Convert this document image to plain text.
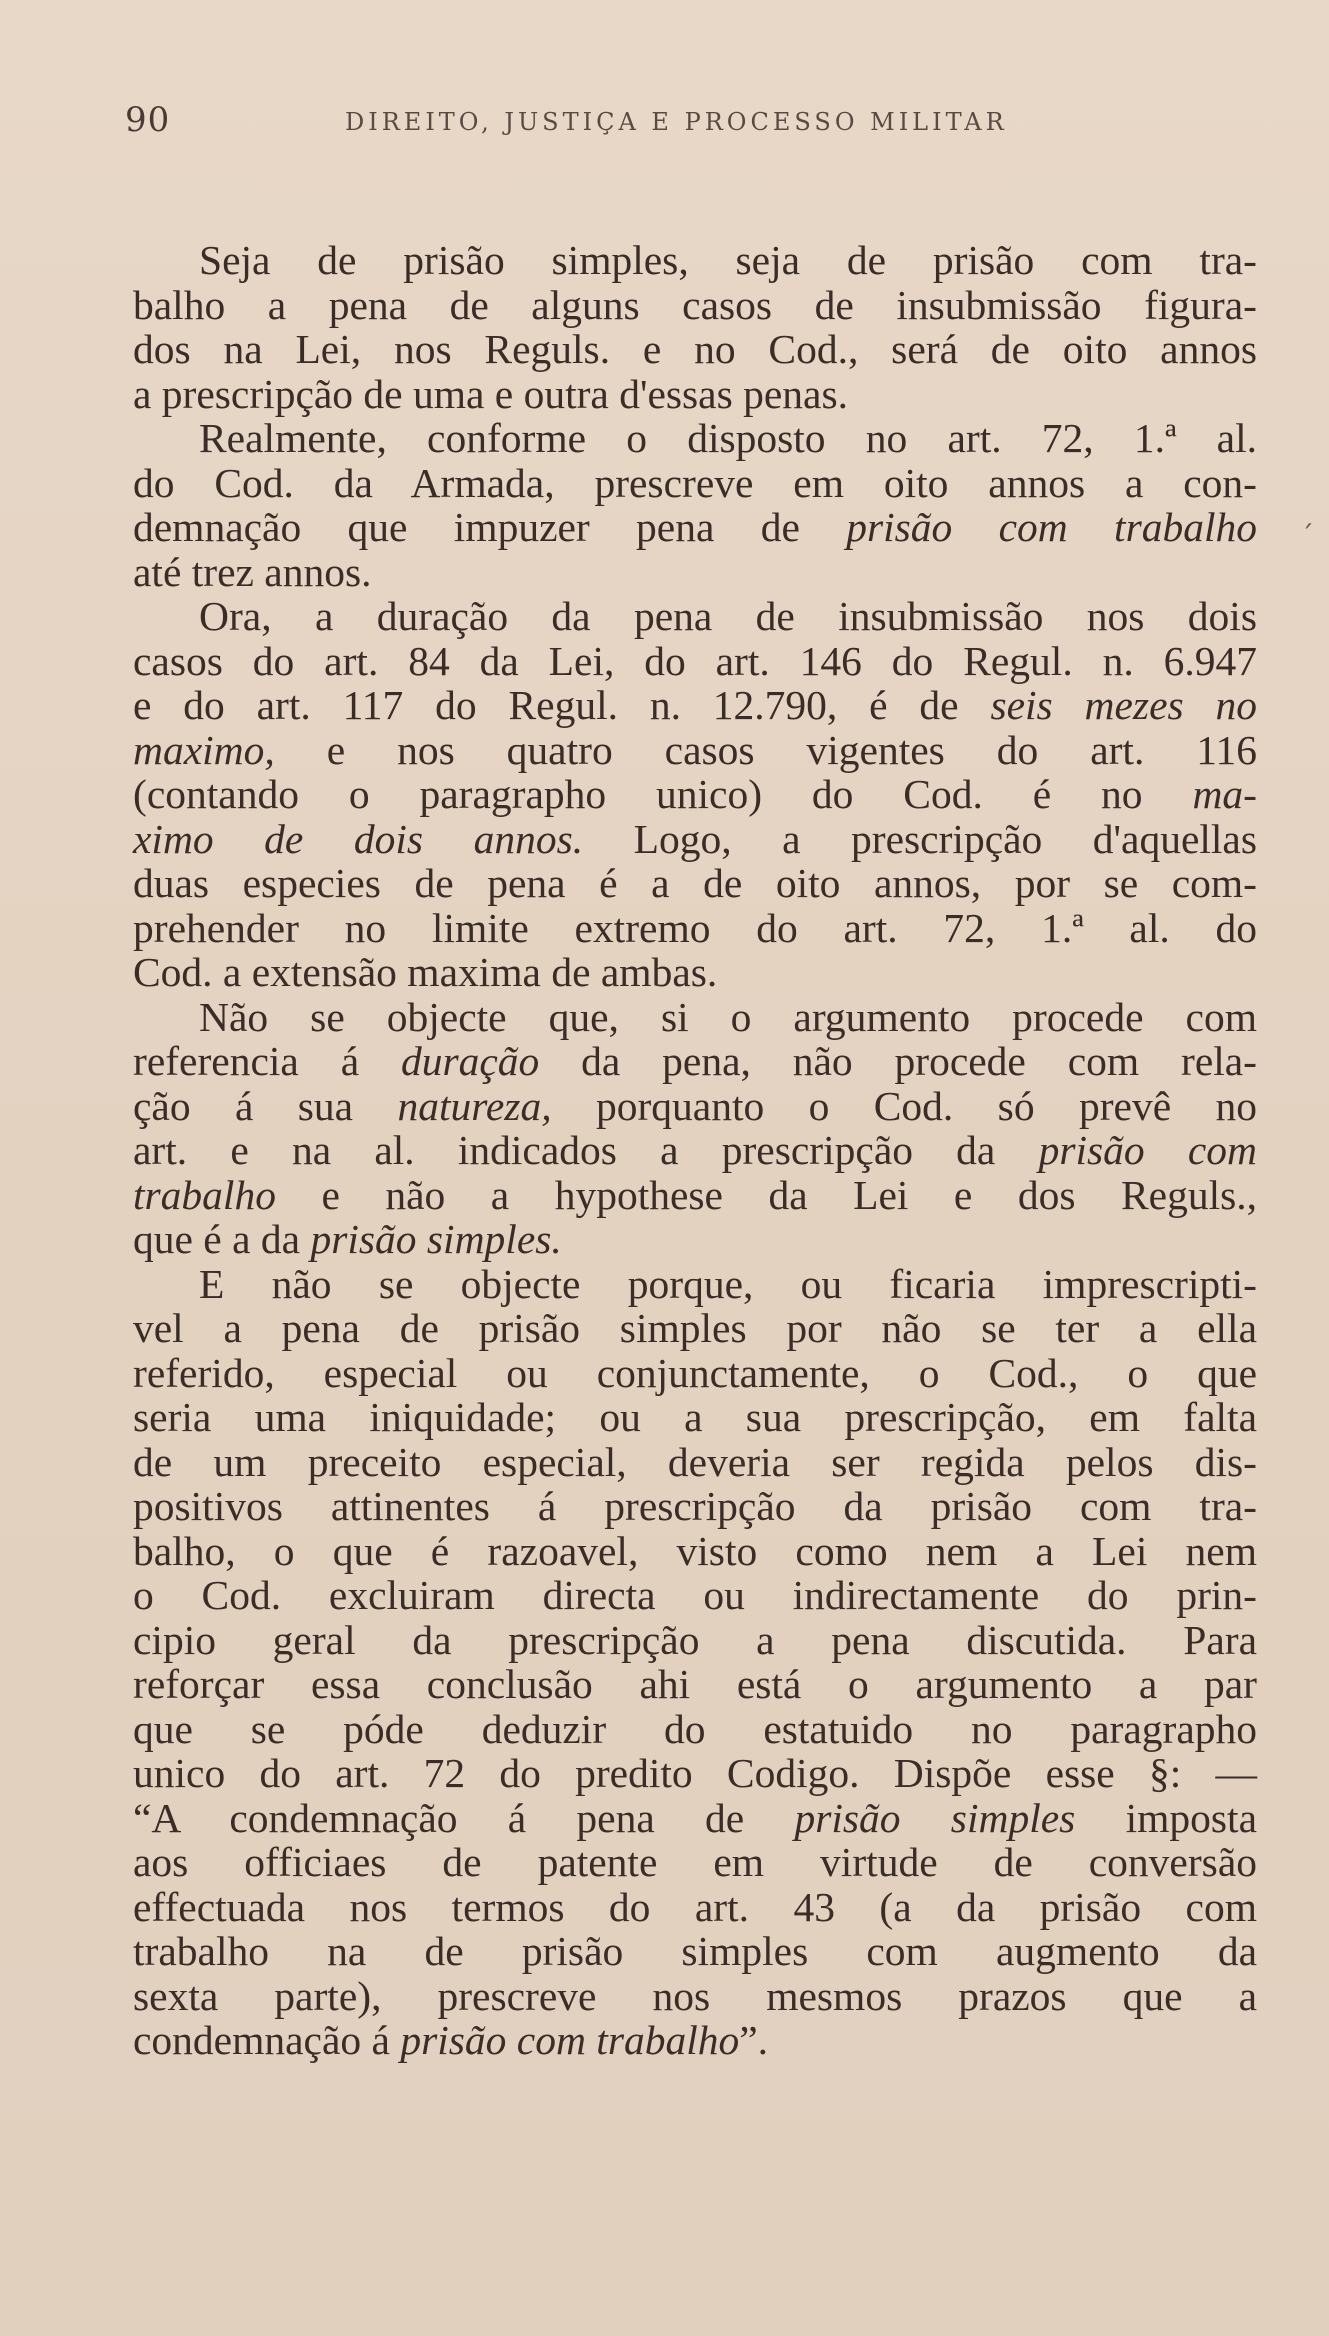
90	DIREITO, JUSTIÇA E PROCESSO MILITAR
Seja de prisão simples, seja de prisão com tra-
balho a pena de alguns casos de insubmissão figura-
dos na Lei, nos Reguls. e no Cod., será de oito annos
a prescripção de uma e outra d'essas penas.
Realmente, conforme o disposto no art. 72, 1.ª al.
do Cod. da Armada, prescreve em oito annos a con-
demnação que impuzer pena de prisão com trabalho
até trez annos.
Ora, a duração da pena de insubmissão nos dois
casos do art. 84 da Lei, do art. 146 do Regul. n. 6.947
e do art. 117 do Regul. n. 12.790, é de seis mezes no
maximo, e nos quatro casos vigentes do art. 116
(contando o paragrapho unico) do Cod. é no ma-
ximo de dois annos. Logo, a prescripção d'aquellas
duas especies de pena é a de oito annos, por se com-
prehender no limite extremo do art. 72, 1.ª al. do
Cod. a extensão maxima de ambas.
Não se objecte que, si o argumento procede com
referencia á duração da pena, não procede com rela-
ção á sua natureza, porquanto o Cod. só prevê no
art. e na al. indicados a prescripção da prisão com
trabalho e não a hypothese da Lei e dos Reguls.,
que é a da prisão simples.
E não se objecte porque, ou ficaria imprescripti-
vel a pena de prisão simples por não se ter a ella
referido, especial ou conjunctamente, o Cod., o que
seria uma iniquidade; ou a sua prescripção, em falta
de um preceito especial, deveria ser regida pelos dis-
positivos attinentes á prescripção da prisão com tra-
balho, o que é razoavel, visto como nem a Lei nem
o Cod. excluiram directa ou indirectamente do prin-
cipio geral da prescripção a pena discutida. Para
reforçar essa conclusão ahi está o argumento a par
que se póde deduzir do estatuido no paragrapho
unico do art. 72 do predito Codigo. Dispõe esse §: —
“A condemnação á pena de prisão simples imposta
aos officiaes de patente em virtude de conversão
effectuada nos termos do art. 43 (a da prisão com
trabalho na de prisão simples com augmento da
sexta parte), prescreve nos mesmos prazos que a
condemnação á prisão com trabalho”.
´
